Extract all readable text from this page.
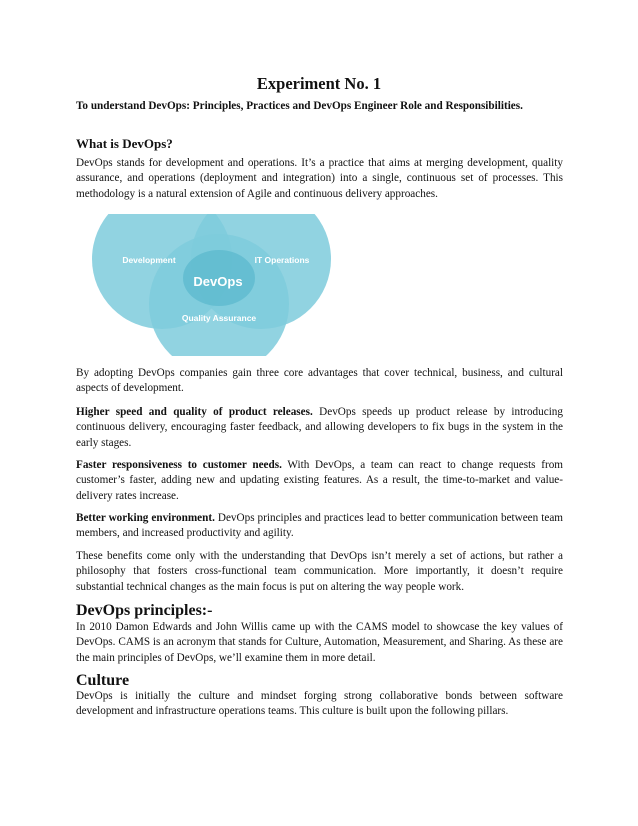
Experiment No. 1
To understand DevOps: Principles, Practices and DevOps Engineer Role and Responsibilities.
What is DevOps?

DevOps stands for development and operations. It’s a practice that aims at merging development, quality assurance, and operations (deployment and integration) into a single, continuous set of processes. This methodology is a natural extension of Agile and continuous delivery approaches.

Development	IT Operations
DevOps
Quality Assurance

By adopting DevOps companies gain three core advantages that cover technical, business, and cultural aspects of development.

Higher speed and quality of product releases. DevOps speeds up product release by introducing continuous delivery, encouraging faster feedback, and allowing developers to fix bugs in the system in the early stages.

Faster responsiveness to customer needs. With DevOps, a team can react to change requests from customer’s faster, adding new and updating existing features. As a result, the time-to-market and value-delivery rates increase.

Better working environment. DevOps principles and practices lead to better communication between team members, and increased productivity and agility.

These benefits come only with the understanding that DevOps isn’t merely a set of actions, but rather a philosophy that fosters cross-functional team communication. More importantly, it doesn’t require substantial technical changes as the main focus is put on altering the way people work.

DevOps principles:-

In 2010 Damon Edwards and John Willis came up with the CAMS model to showcase the key values of DevOps. CAMS is an acronym that stands for Culture, Automation, Measurement, and Sharing. As these are the main principles of DevOps, we’ll examine them in more detail.

Culture

DevOps is initially the culture and mindset forging strong collaborative bonds between software development and infrastructure operations teams. This culture is built upon the following pillars.
